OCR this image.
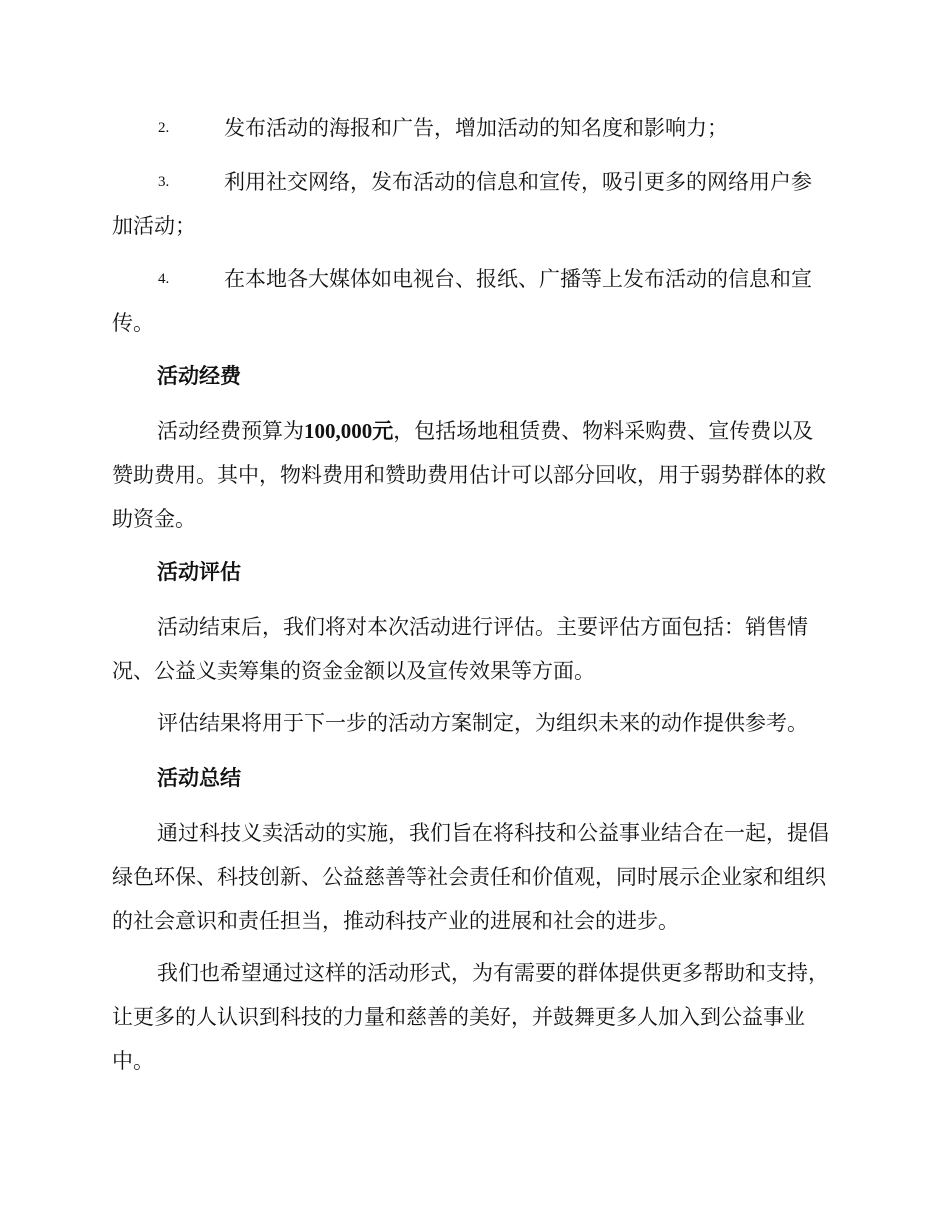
2.	发布活动的海报和广告，增加活动的知名度和影响力；
3.	利用社交网络，发布活动的信息和宣传，吸引更多的网络用户参加活动；
4.	在本地各大媒体如电视台、报纸、广播等上发布活动的信息和宣传。
活动经费

活动经费预算为100,000元，包括场地租赁费、物料采购费、宣传费以及赞助费用。其中，物料费用和赞助费用估计可以部分回收，用于弱势群体的救助资金。

活动评估

活动结束后，我们将对本次活动进行评估。主要评估方面包括：销售情况、公益义卖筹集的资金金额以及宣传效果等方面。

评估结果将用于下一步的活动方案制定，为组织未来的动作提供参考。

活动总结

通过科技义卖活动的实施，我们旨在将科技和公益事业结合在一起，提倡绿色环保、科技创新、公益慈善等社会责任和价值观，同时展示企业家和组织的社会意识和责任担当，推动科技产业的进展和社会的进步。

我们也希望通过这样的活动形式，为有需要的群体提供更多帮助和支持，让更多的人认识到科技的力量和慈善的美好，并鼓舞更多人加入到公益事业中。
